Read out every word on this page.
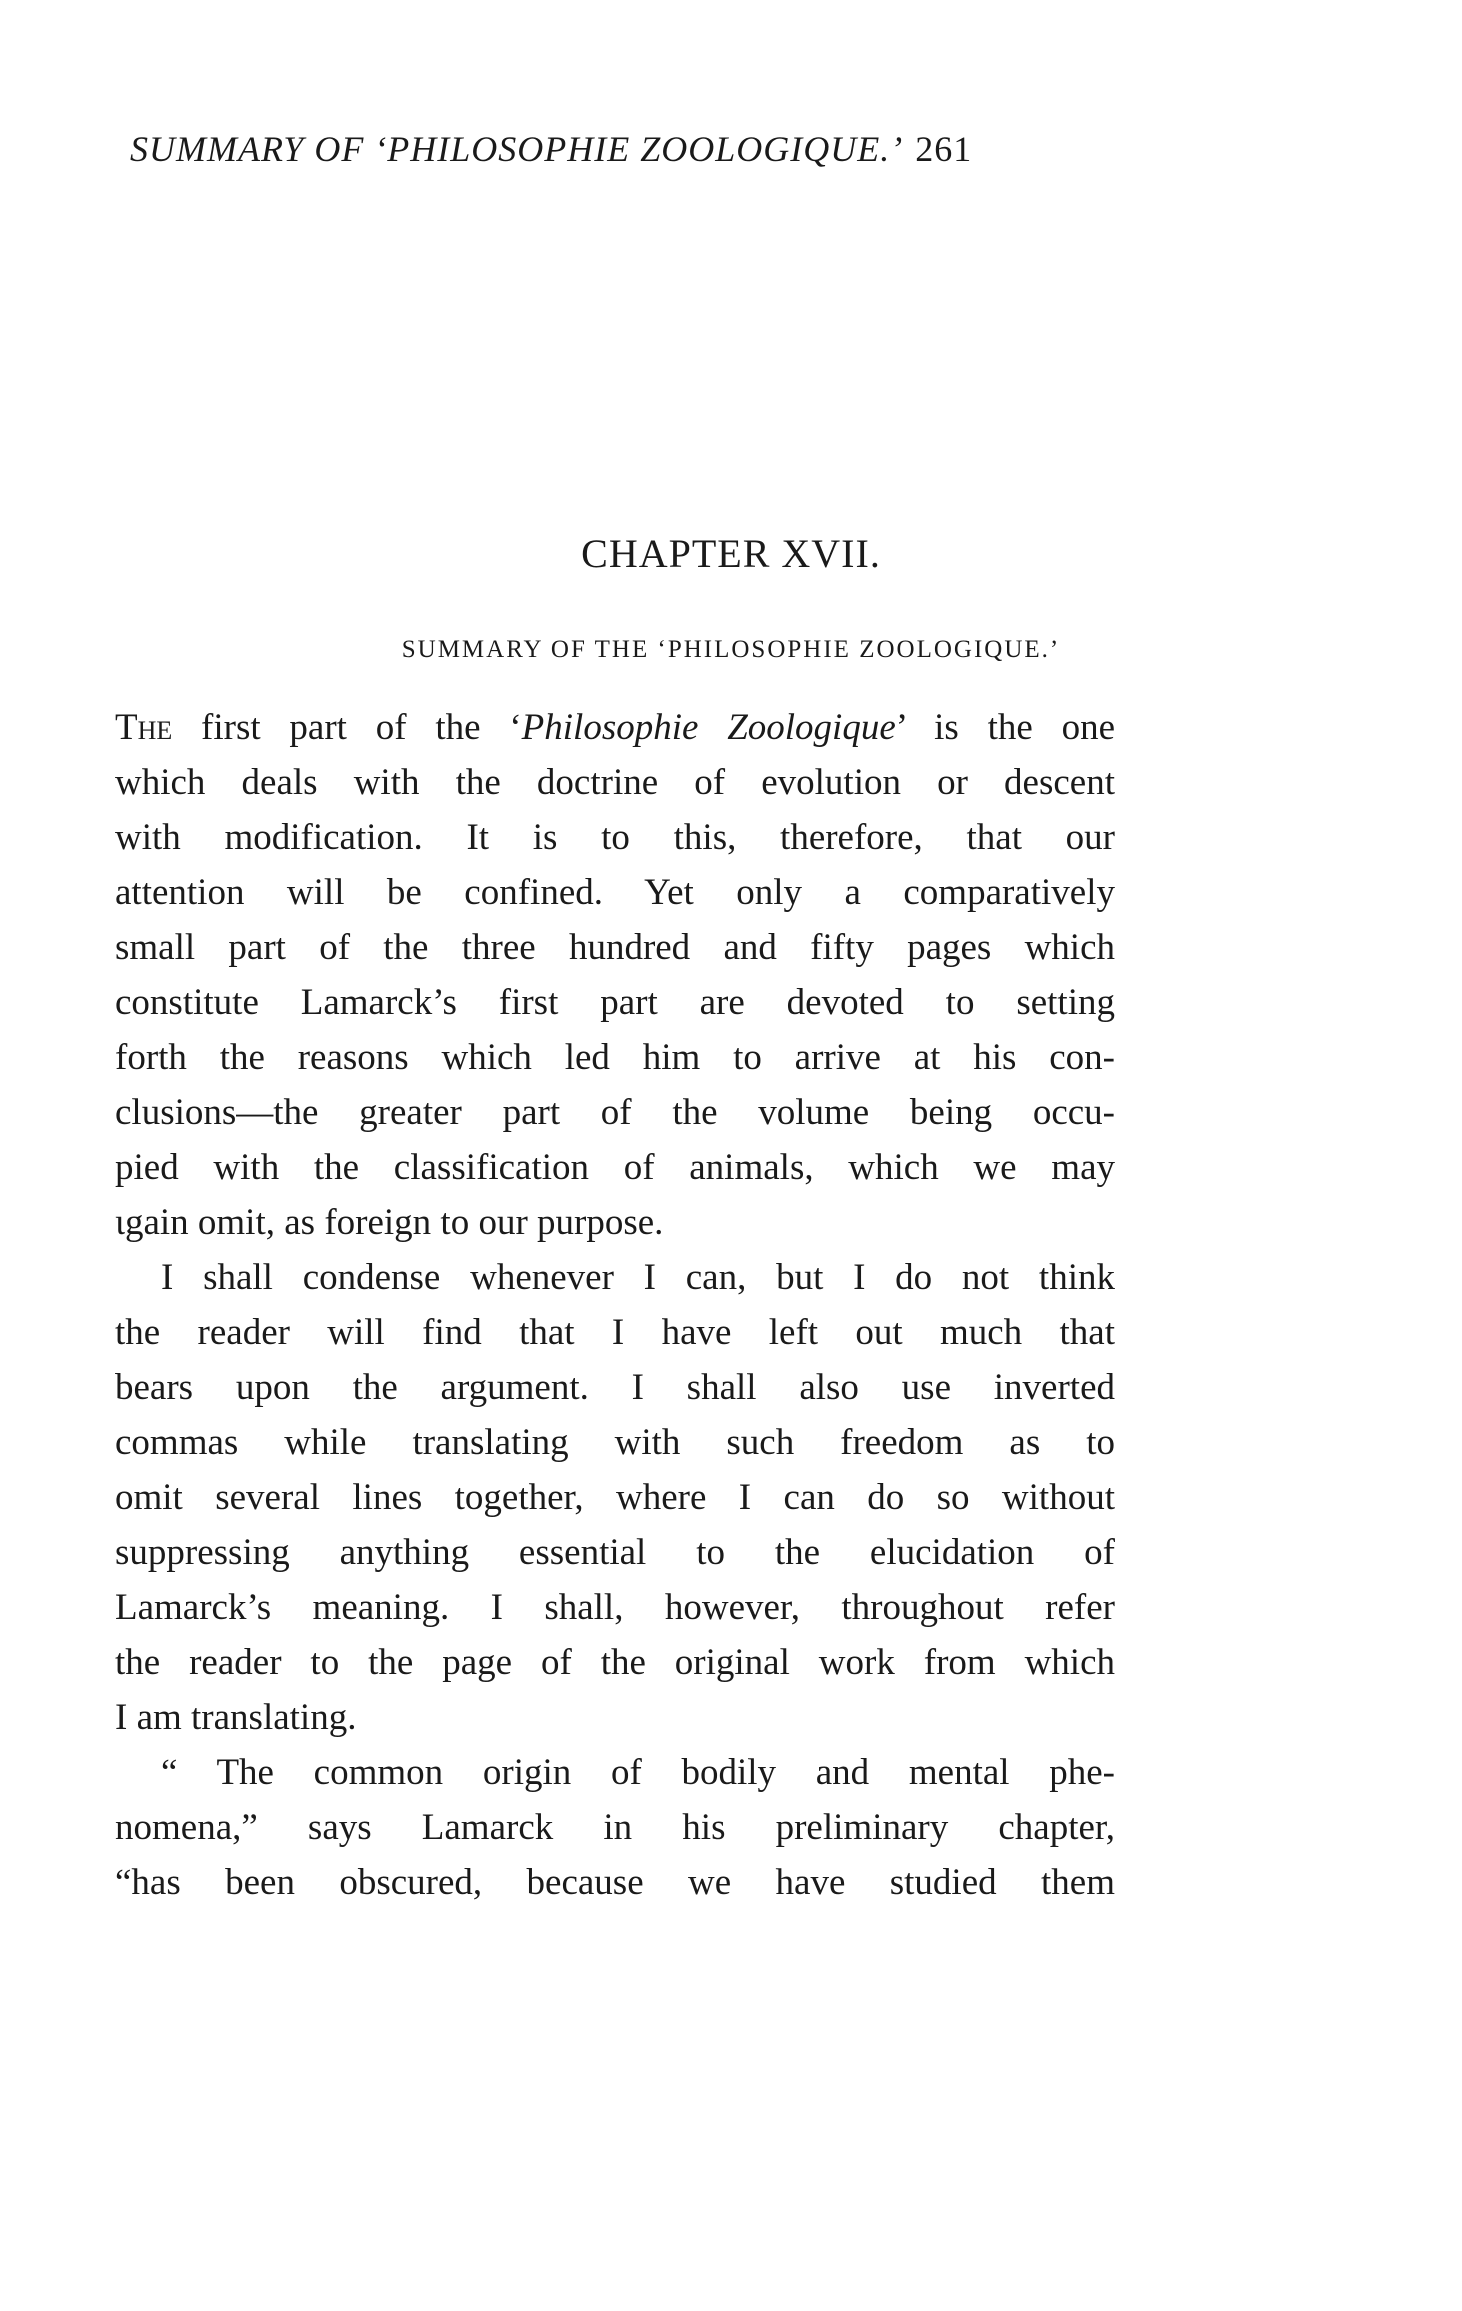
SUMMARY OF ‘PHILOSOPHIE ZOOLOGIQUE.’ 261
CHAPTER XVII.
SUMMARY OF THE ‘PHILOSOPHIE ZOOLOGIQUE.’
The first part of the ‘Philosophie Zoologique’ is the one
which deals with the doctrine of evolution or descent
with modification. It is to this, therefore, that our
attention will be confined. Yet only a comparatively
small part of the three hundred and fifty pages which
constitute Lamarck’s first part are devoted to setting
forth the reasons which led him to arrive at his con-
clusions—the greater part of the volume being occu-
pied with the classification of animals, which we may
ɩgain omit, as foreign to our purpose.
I shall condense whenever I can, but I do not think
the reader will find that I have left out much that
bears upon the argument. I shall also use inverted
commas while translating with such freedom as to
omit several lines together, where I can do so without
suppressing anything essential to the elucidation of
Lamarck’s meaning. I shall, however, throughout refer
the reader to the page of the original work from which
I am translating.
“ The common origin of bodily and mental phe-
nomena,” says Lamarck in his preliminary chapter,
“has been obscured, because we have studied them
